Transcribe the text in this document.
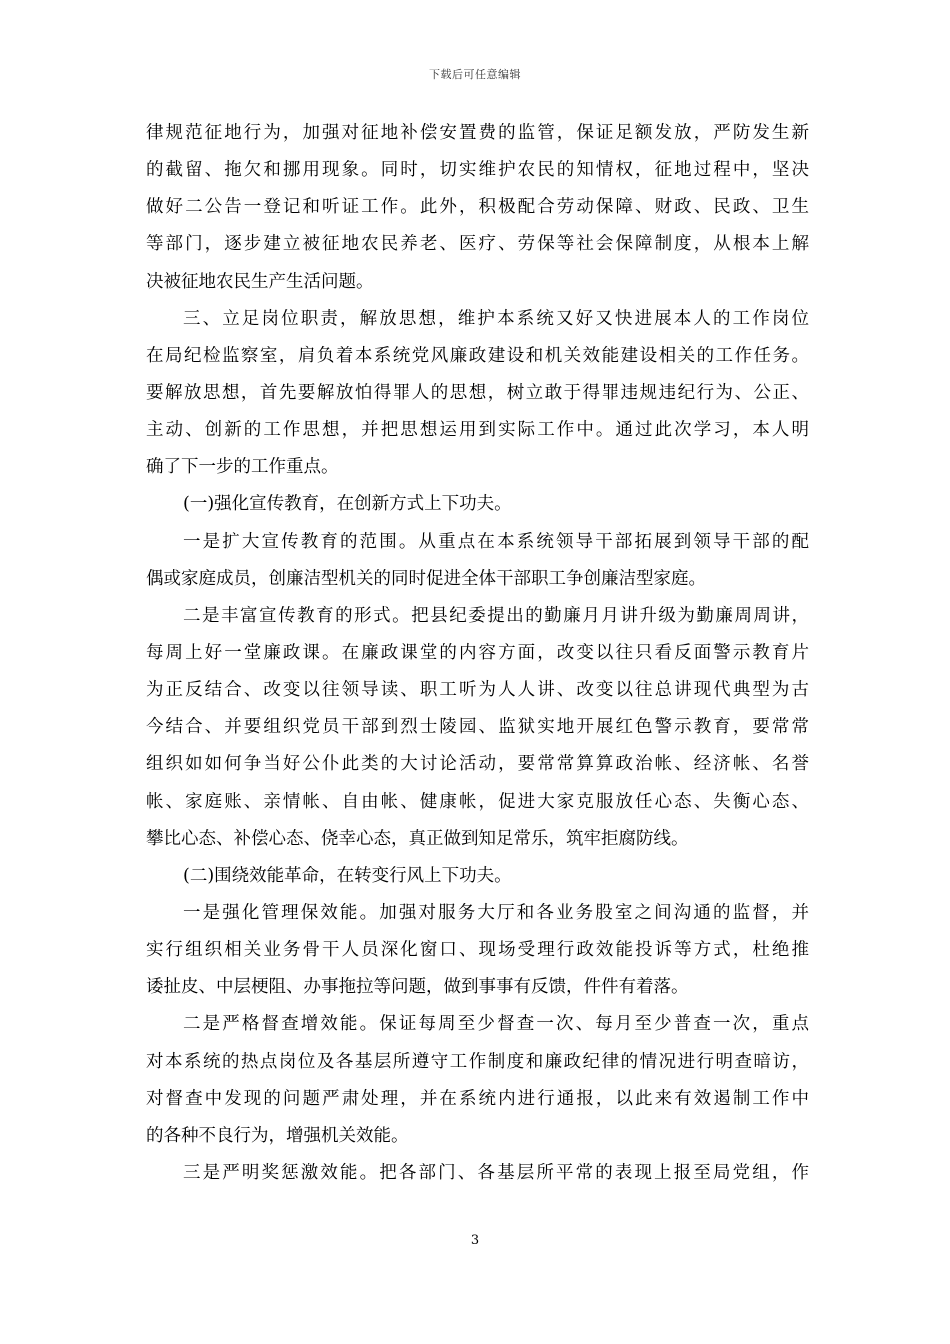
下载后可任意编辑
律规范征地行为，加强对征地补偿安置费的监管，保证足额发放，严防发生新
的截留、拖欠和挪用现象。同时，切实维护农民的知情权，征地过程中，坚决
做好二公告一登记和听证工作。此外，积极配合劳动保障、财政、民政、卫生
等部门，逐步建立被征地农民养老、医疗、劳保等社会保障制度，从根本上解
决被征地农民生产生活问题。
三、立足岗位职责，解放思想，维护本系统又好又快进展本人的工作岗位
在局纪检监察室，肩负着本系统党风廉政建设和机关效能建设相关的工作任务。
要解放思想，首先要解放怕得罪人的思想，树立敢于得罪违规违纪行为、公正、
主动、创新的工作思想，并把思想运用到实际工作中。通过此次学习，本人明
确了下一步的工作重点。
(一)强化宣传教育，在创新方式上下功夫。
一是扩大宣传教育的范围。从重点在本系统领导干部拓展到领导干部的配
偶或家庭成员，创廉洁型机关的同时促进全体干部职工争创廉洁型家庭。
二是丰富宣传教育的形式。把县纪委提出的勤廉月月讲升级为勤廉周周讲，
每周上好一堂廉政课。在廉政课堂的内容方面，改变以往只看反面警示教育片
为正反结合、改变以往领导读、职工听为人人讲、改变以往总讲现代典型为古
今结合、并要组织党员干部到烈士陵园、监狱实地开展红色警示教育，要常常
组织如如何争当好公仆此类的大讨论活动，要常常算算政治帐、经济帐、名誉
帐、家庭账、亲情帐、自由帐、健康帐，促进大家克服放任心态、失衡心态、
攀比心态、补偿心态、侥幸心态，真正做到知足常乐，筑牢拒腐防线。
(二)围绕效能革命，在转变行风上下功夫。
一是强化管理保效能。加强对服务大厅和各业务股室之间沟通的监督，并
实行组织相关业务骨干人员深化窗口、现场受理行政效能投诉等方式，杜绝推
诿扯皮、中层梗阻、办事拖拉等问题，做到事事有反馈，件件有着落。
二是严格督查增效能。保证每周至少督查一次、每月至少普查一次，重点
对本系统的热点岗位及各基层所遵守工作制度和廉政纪律的情况进行明查暗访，
对督查中发现的问题严肃处理，并在系统内进行通报，以此来有效遏制工作中
的各种不良行为，增强机关效能。
三是严明奖惩激效能。把各部门、各基层所平常的表现上报至局党组，作
3
